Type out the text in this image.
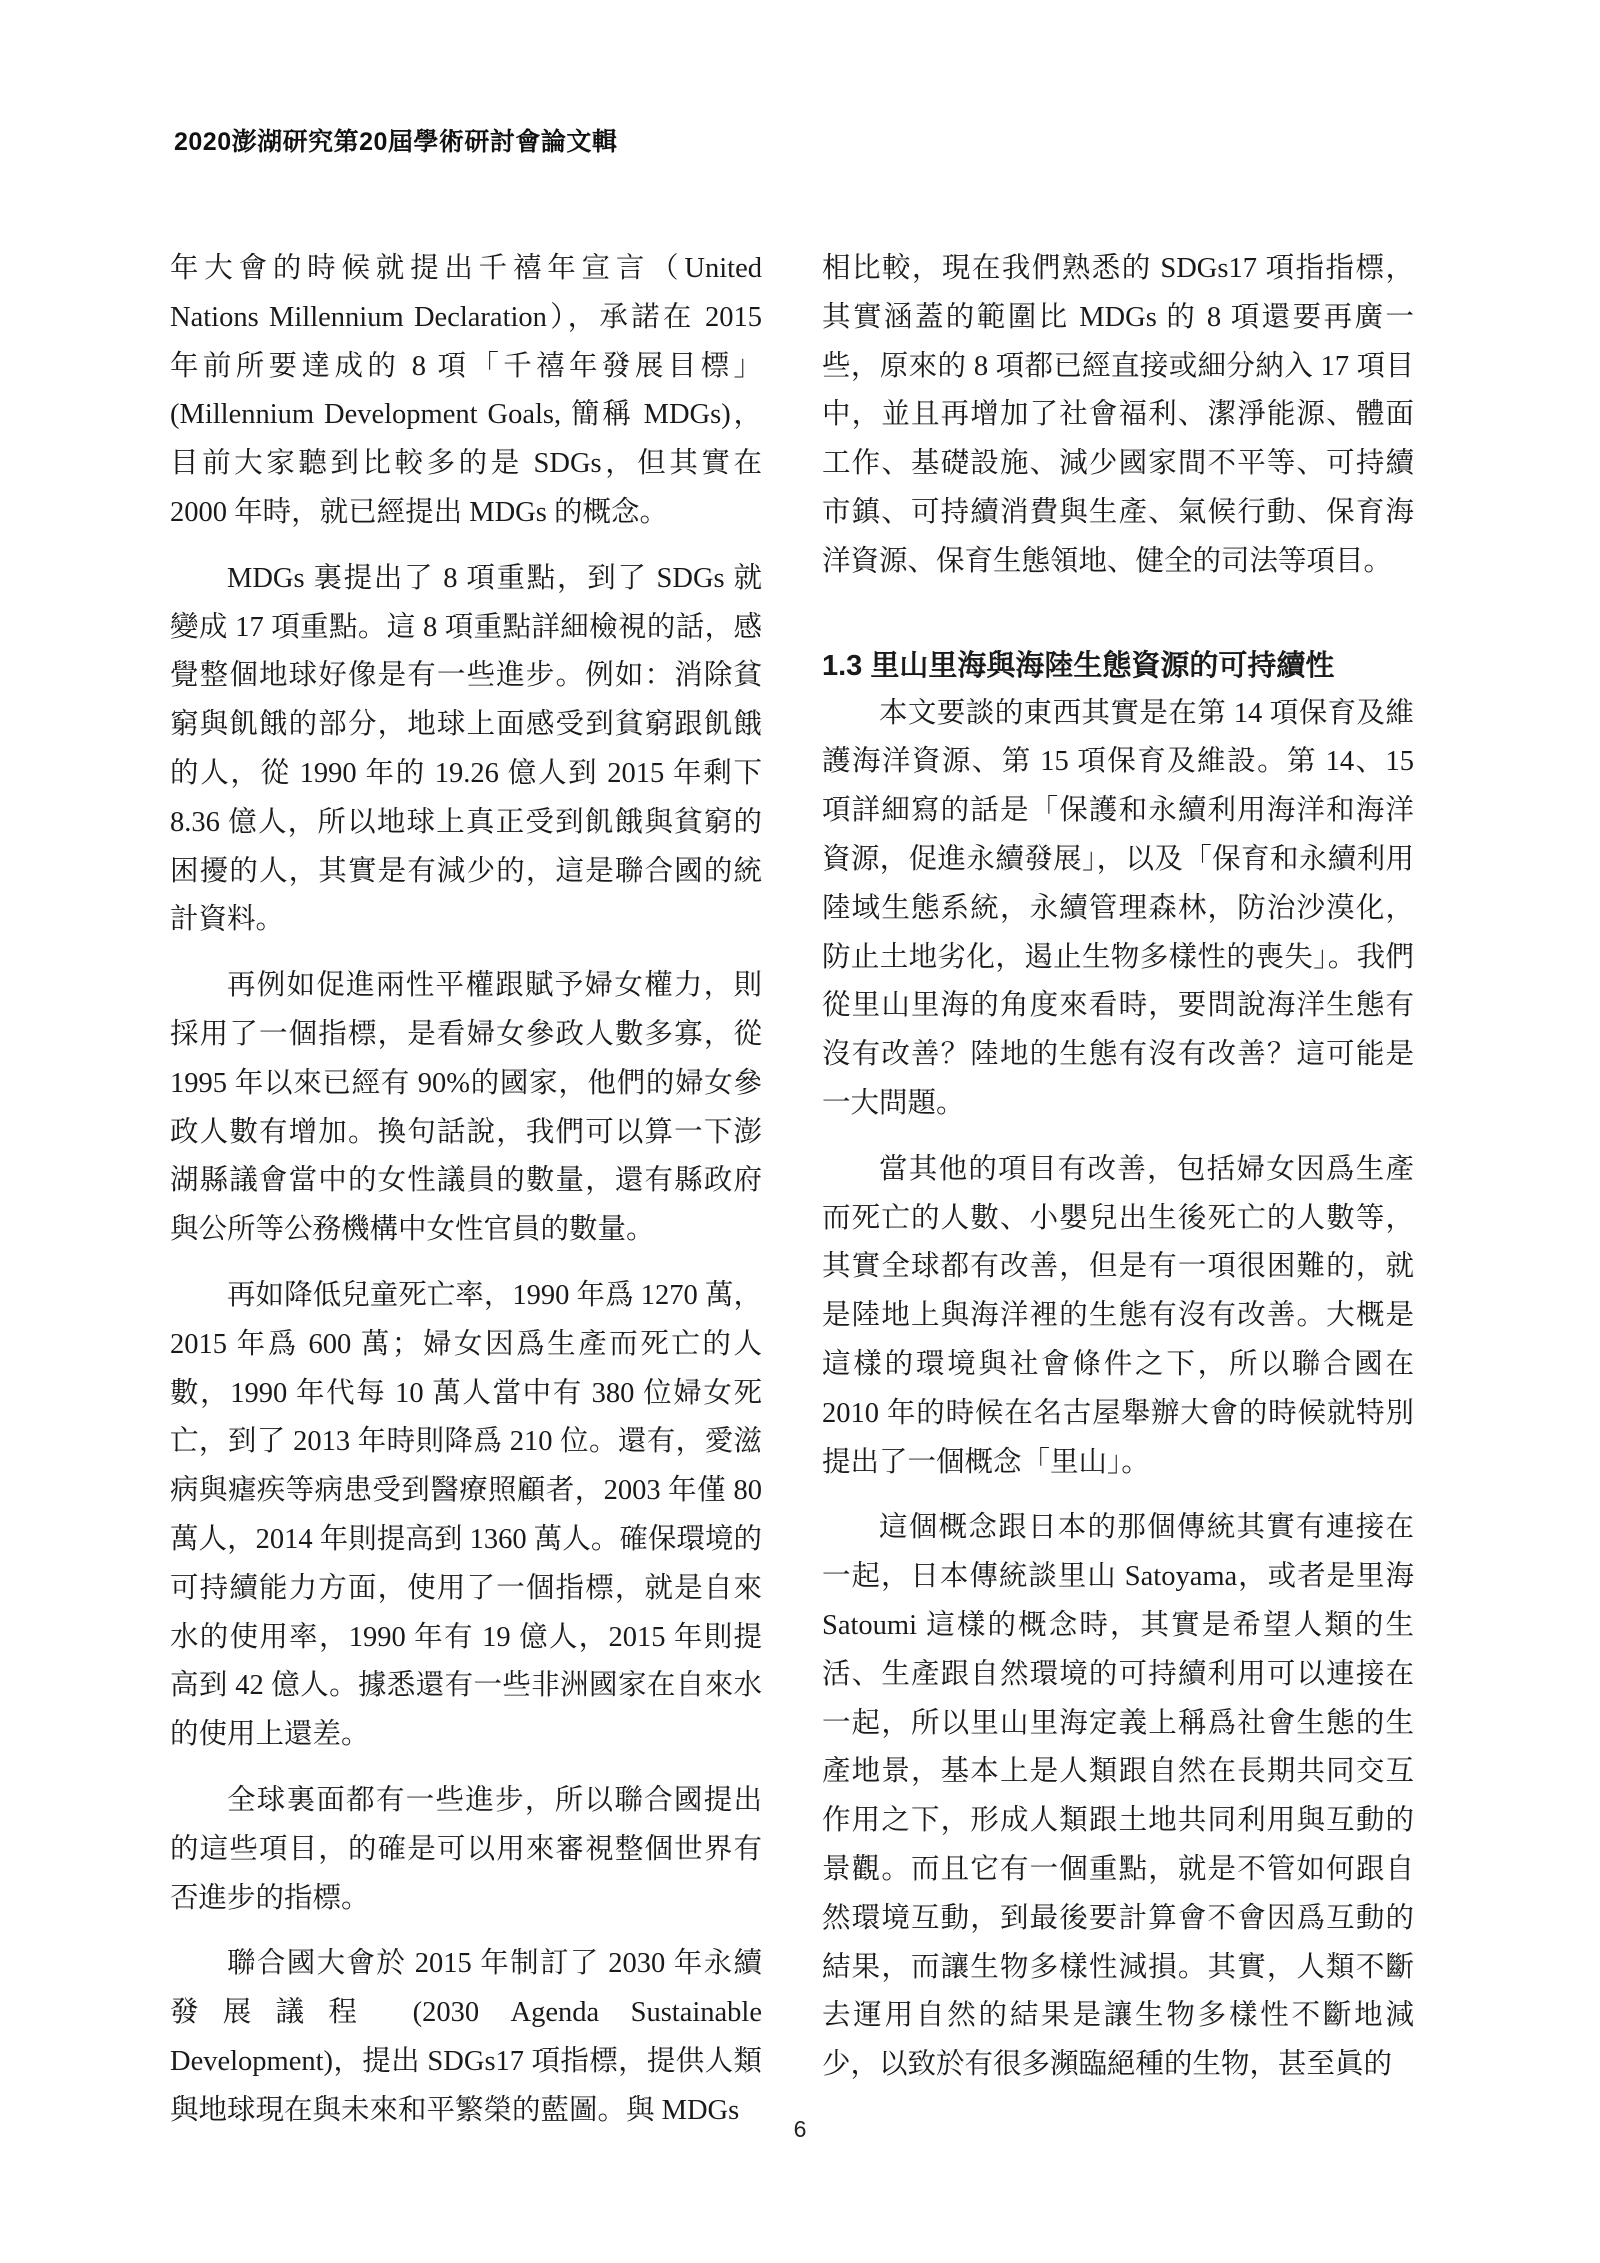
2020澎湖研究第20屆學術研討會論文輯

年大會的時候就提出千禧年宣言（United Nations Millennium Declaration），承諾在 2015 年前所要達成的 8 項「千禧年發展目標」(Millennium Development Goals, 簡稱 MDGs)，目前大家聽到比較多的是 SDGs，但其實在 2000 年時，就已經提出 MDGs 的概念。

MDGs 裏提出了 8 項重點，到了 SDGs 就變成 17 項重點。這 8 項重點詳細檢視的話，感覺整個地球好像是有一些進步。例如：消除貧窮與飢餓的部分，地球上面感受到貧窮跟飢餓的人，從 1990 年的 19.26 億人到 2015 年剩下 8.36 億人，所以地球上真正受到飢餓與貧窮的困擾的人，其實是有減少的，這是聯合國的統計資料。

再例如促進兩性平權跟賦予婦女權力，則採用了一個指標，是看婦女參政人數多寡，從 1995 年以來已經有 90%的國家，他們的婦女參政人數有增加。換句話說，我們可以算一下澎湖縣議會當中的女性議員的數量，還有縣政府與公所等公務機構中女性官員的數量。

再如降低兒童死亡率，1990 年爲 1270 萬，2015 年爲 600 萬；婦女因爲生產而死亡的人數，1990 年代每 10 萬人當中有 380 位婦女死亡，到了 2013 年時則降爲 210 位。還有，愛滋病與瘧疾等病患受到醫療照顧者，2003 年僅 80 萬人，2014 年則提高到 1360 萬人。確保環境的可持續能力方面，使用了一個指標，就是自來水的使用率，1990 年有 19 億人，2015 年則提高到 42 億人。據悉還有一些非洲國家在自來水的使用上還差。

全球裏面都有一些進步，所以聯合國提出的這些項目，的確是可以用來審視整個世界有否進步的指標。

聯合國大會於 2015 年制訂了 2030 年永續發展議程 (2030 Agenda Sustainable Development)，提出 SDGs17 項指標，提供人類與地球現在與未來和平繁榮的藍圖。與 MDGs

相比較，現在我們熟悉的 SDGs17 項指指標，其實涵蓋的範圍比 MDGs 的 8 項還要再廣一些，原來的 8 項都已經直接或細分納入 17 項目中，並且再增加了社會福利、潔淨能源、體面工作、基礎設施、減少國家間不平等、可持續市鎮、可持續消費與生產、氣候行動、保育海洋資源、保育生態領地、健全的司法等項目。

1.3 里山里海與海陸生態資源的可持續性

本文要談的東西其實是在第 14 項保育及維護海洋資源、第 15 項保育及維設。第 14、15 項詳細寫的話是「保護和永續利用海洋和海洋資源，促進永續發展」，以及「保育和永續利用陸域生態系統，永續管理森林，防治沙漠化，防止土地劣化，遏止生物多樣性的喪失」。我們從里山里海的角度來看時，要問說海洋生態有沒有改善？陸地的生態有沒有改善？這可能是一大問題。

當其他的項目有改善，包括婦女因爲生產而死亡的人數、小嬰兒出生後死亡的人數等，其實全球都有改善，但是有一項很困難的，就是陸地上與海洋裡的生態有沒有改善。大概是這樣的環境與社會條件之下，所以聯合國在 2010 年的時候在名古屋舉辦大會的時候就特別提出了一個概念「里山」。

這個概念跟日本的那個傳統其實有連接在一起，日本傳統談里山 Satoyama，或者是里海 Satoumi 這樣的概念時，其實是希望人類的生活、生產跟自然環境的可持續利用可以連接在一起，所以里山里海定義上稱爲社會生態的生產地景，基本上是人類跟自然在長期共同交互作用之下，形成人類跟土地共同利用與互動的景觀。而且它有一個重點，就是不管如何跟自然環境互動，到最後要計算會不會因爲互動的結果，而讓生物多樣性減損。其實，人類不斷去運用自然的結果是讓生物多樣性不斷地減少，以致於有很多瀕臨絕種的生物，甚至眞的

6
